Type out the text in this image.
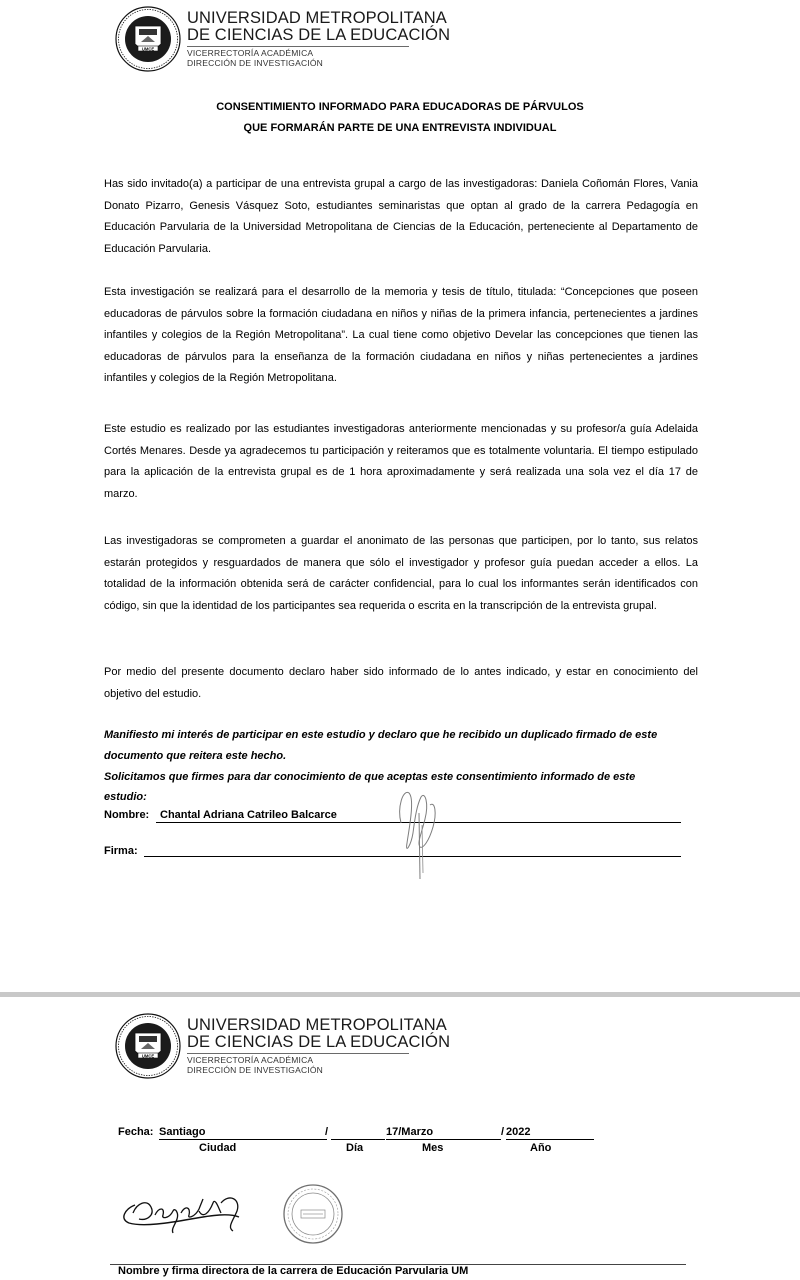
UMCE
UNIVERSIDAD METROPOLITANA
DE CIENCIAS DE LA EDUCACIÓN
VICERRECTORÍA ACADÉMICA
DIRECCIÓN DE INVESTIGACIÓN
CONSENTIMIENTO INFORMADO PARA EDUCADORAS DE PÁRVULOS
QUE FORMARÁN PARTE DE UNA ENTREVISTA INDIVIDUAL

Has sido invitado(a) a participar de una entrevista grupal a cargo de las investigadoras: Daniela Coñomán Flores, Vania Donato Pizarro, Genesis Vásquez Soto, estudiantes seminaristas que optan al grado de la carrera Pedagogía en Educación Parvularia de la Universidad Metropolitana de Ciencias de la Educación, perteneciente al Departamento de Educación Parvularia.

Esta investigación se realizará para el desarrollo de la memoria y tesis de título, titulada: “Concepciones que poseen educadoras de párvulos sobre la formación ciudadana en niños y niñas de la primera infancia, pertenecientes a jardines infantiles y colegios de la Región Metropolitana”. La cual tiene como objetivo Develar las concepciones que tienen las educadoras de párvulos para la enseñanza de la formación ciudadana en niños y niñas pertenecientes a jardines infantiles y colegios de la Región Metropolitana.

Este estudio es realizado por las estudiantes investigadoras anteriormente mencionadas y su profesor/a guía Adelaida Cortés Menares. Desde ya agradecemos tu participación y reiteramos que es totalmente voluntaria. El tiempo estipulado para la aplicación de la entrevista grupal es de 1 hora aproximadamente y será realizada una sola vez el día 17 de marzo.

Las investigadoras se comprometen a guardar el anonimato de las personas que participen, por lo tanto, sus relatos estarán protegidos y resguardados de manera que sólo el investigador y profesor guía puedan acceder a ellos. La totalidad de la información obtenida será de carácter confidencial, para lo cual los informantes serán identificados con código, sin que la identidad de los participantes sea requerida o escrita en la transcripción de la entrevista grupal.

Por medio del presente documento declaro haber sido informado de lo antes indicado, y estar en conocimiento del objetivo del estudio.

Manifiesto mi interés de participar en este estudio y declaro que he recibido un duplicado firmado de este
documento que reitera este hecho.
Solicitamos que firmes para dar conocimiento de que aceptas este consentimiento informado de este
estudio:
Nombre: Chantal Adriana Catrileo Balcarce
Firma:
UMCE
UNIVERSIDAD METROPOLITANA
DE CIENCIAS DE LA EDUCACIÓN
VICERRECTORÍA ACADÉMICA
DIRECCIÓN DE INVESTIGACIÓN
Fecha: Santiago	/	17/Marzo	/ 2022
Ciudad	Día	Mes	Año
Nombre y firma directora de la carrera de Educación Parvularia UM
